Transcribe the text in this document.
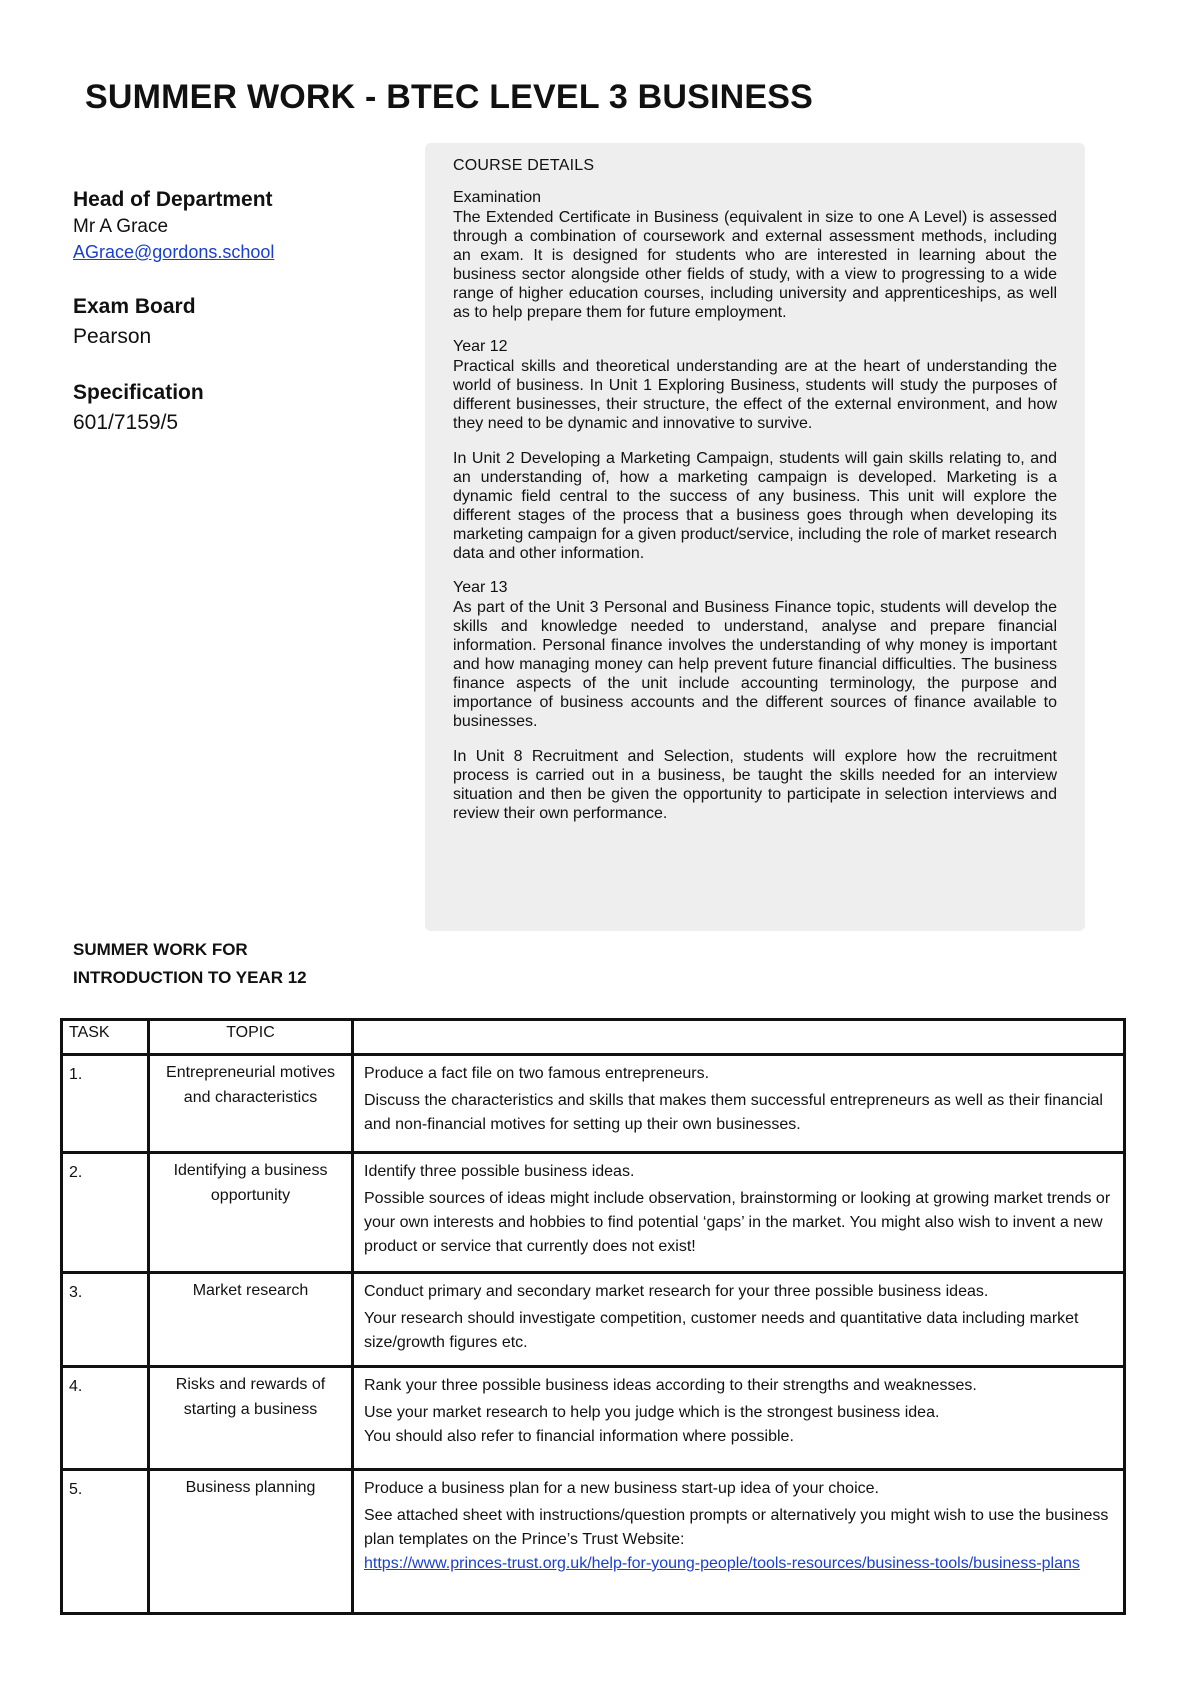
SUMMER WORK - BTEC LEVEL 3 BUSINESS

Head of Department

Mr A Grace

AGrace@gordons.school

Exam Board

Pearson

Specification

601/7159/5

COURSE DETAILS

Examination

The Extended Certificate in Business (equivalent in size to one A Level) is assessed through a combination of coursework and external assessment methods, including an exam. It is designed for students who are interested in learning about the business sector alongside other fields of study, with a view to progressing to a wide range of higher education courses, including university and apprenticeships, as well as to help prepare them for future employment.

Year 12

Practical skills and theoretical understanding are at the heart of understanding the world of business. In Unit 1 Exploring Business, students will study the purposes of different businesses, their structure, the effect of the external environment, and how they need to be dynamic and innovative to survive.

In Unit 2 Developing a Marketing Campaign, students will gain skills relating to, and an understanding of, how a marketing campaign is developed. Marketing is a dynamic field central to the success of any business. This unit will explore the different stages of the process that a business goes through when developing its marketing campaign for a given product/service, including the role of market research data and other information.

Year 13

As part of the Unit 3 Personal and Business Finance topic, students will develop the skills and knowledge needed to understand, analyse and prepare financial information. Personal finance involves the understanding of why money is important and how managing money can help prevent future financial difficulties. The business finance aspects of the unit include accounting terminology, the purpose and importance of business accounts and the different sources of finance available to businesses.

In Unit 8 Recruitment and Selection, students will explore how the recruitment process is carried out in a business, be taught the skills needed for an interview situation and then be given the opportunity to participate in selection interviews and review their own performance.

SUMMER WORK FOR
INTRODUCTION TO YEAR 12
TASK	TOPIC	
1.	Entrepreneurial motives and characteristics	Produce a fact file on two famous entrepreneurs.

Discuss the characteristics and skills that makes them successful entrepreneurs as well as their financial and non-financial motives for setting up their own businesses.

2.	Identifying a business opportunity	Identify three possible business ideas.

Possible sources of ideas might include observation, brainstorming or looking at growing market trends or your own interests and hobbies to find potential ‘gaps’ in the market. You might also wish to invent a new product or service that currently does not exist!

3.	Market research	Conduct primary and secondary market research for your three possible business ideas.

Your research should investigate competition, customer needs and quantitative data including market size/growth figures etc.

4.	Risks and rewards of starting a business	Rank your three possible business ideas according to their strengths and weaknesses.

Use your market research to help you judge which is the strongest business idea.

You should also refer to financial information where possible.

5.	Business planning	Produce a business plan for a new business start-up idea of your choice.

See attached sheet with instructions/question prompts or alternatively you might wish to use the business plan templates on the Prince’s Trust Website:

https://www.princes-trust.org.uk/help-for-young-people/tools-resources/business-tools/business-plans
